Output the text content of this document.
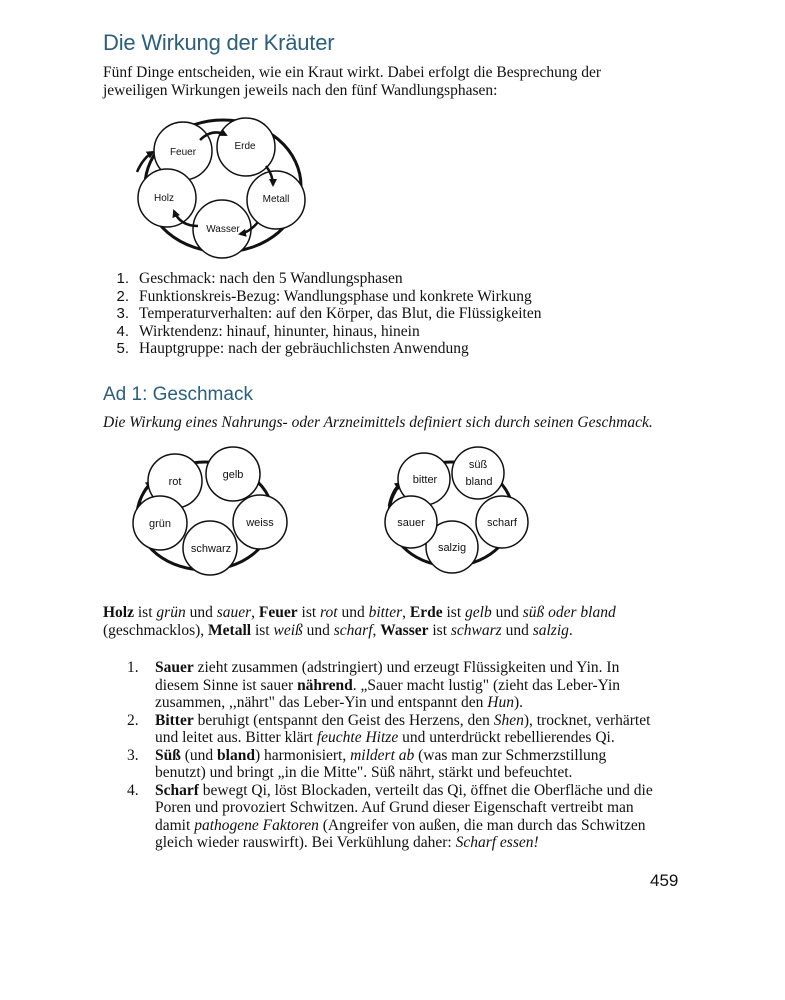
Die Wirkung der Kräuter

Fünf Dinge entscheiden, wie ein Kraut wirkt. Dabei erfolgt die Besprechung der
jeweiligen Wirkungen jeweils nach den fünf Wandlungsphasen:

Feuer
Erde
Metall
Wasser
Holz
1. Geschmack: nach den 5 Wandlungsphasen
2. Funktionskreis-Bezug: Wandlungsphase und konkrete Wirkung
3. Temperaturverhalten: auf den Körper, das Blut, die Flüssigkeiten
4. Wirktendenz: hinauf, hinunter, hinaus, hinein
5. Hauptgruppe: nach der gebräuchlichsten Anwendung
Ad 1: Geschmack

Die Wirkung eines Nahrungs- oder Arzneimittels definiert sich durch seinen Geschmack.

rot
gelb
weiss
schwarz
grün
bitter
süß
bland
scharf
salzig
sauer

Holz ist grün und sauer, Feuer ist rot und bitter, Erde ist gelb und süß oder bland
(geschmacklos), Metall ist weiß und scharf, Wasser ist schwarz und salzig.

1. Sauer zieht zusammen (adstringiert) und erzeugt Flüssigkeiten und Yin. In
diesem Sinne ist sauer nährend. „Sauer macht lustig" (zieht das Leber-Yin
zusammen, ,,nährt" das Leber-Yin und entspannt den Hun).
2. Bitter beruhigt (entspannt den Geist des Herzens, den Shen), trocknet, verhärtet
und leitet aus. Bitter klärt feuchte Hitze und unterdrückt rebellierendes Qi.
3. Süß (und bland) harmonisiert, mildert ab (was man zur Schmerzstillung
benutzt) und bringt „in die Mitte". Süß nährt, stärkt und befeuchtet.
4. Scharf bewegt Qi, löst Blockaden, verteilt das Qi, öffnet die Oberfläche und die
Poren und provoziert Schwitzen. Auf Grund dieser Eigenschaft vertreibt man
damit pathogene Faktoren (Angreifer von außen, die man durch das Schwitzen
gleich wieder rauswirft). Bei Verkühlung daher: Scharf essen!
459
